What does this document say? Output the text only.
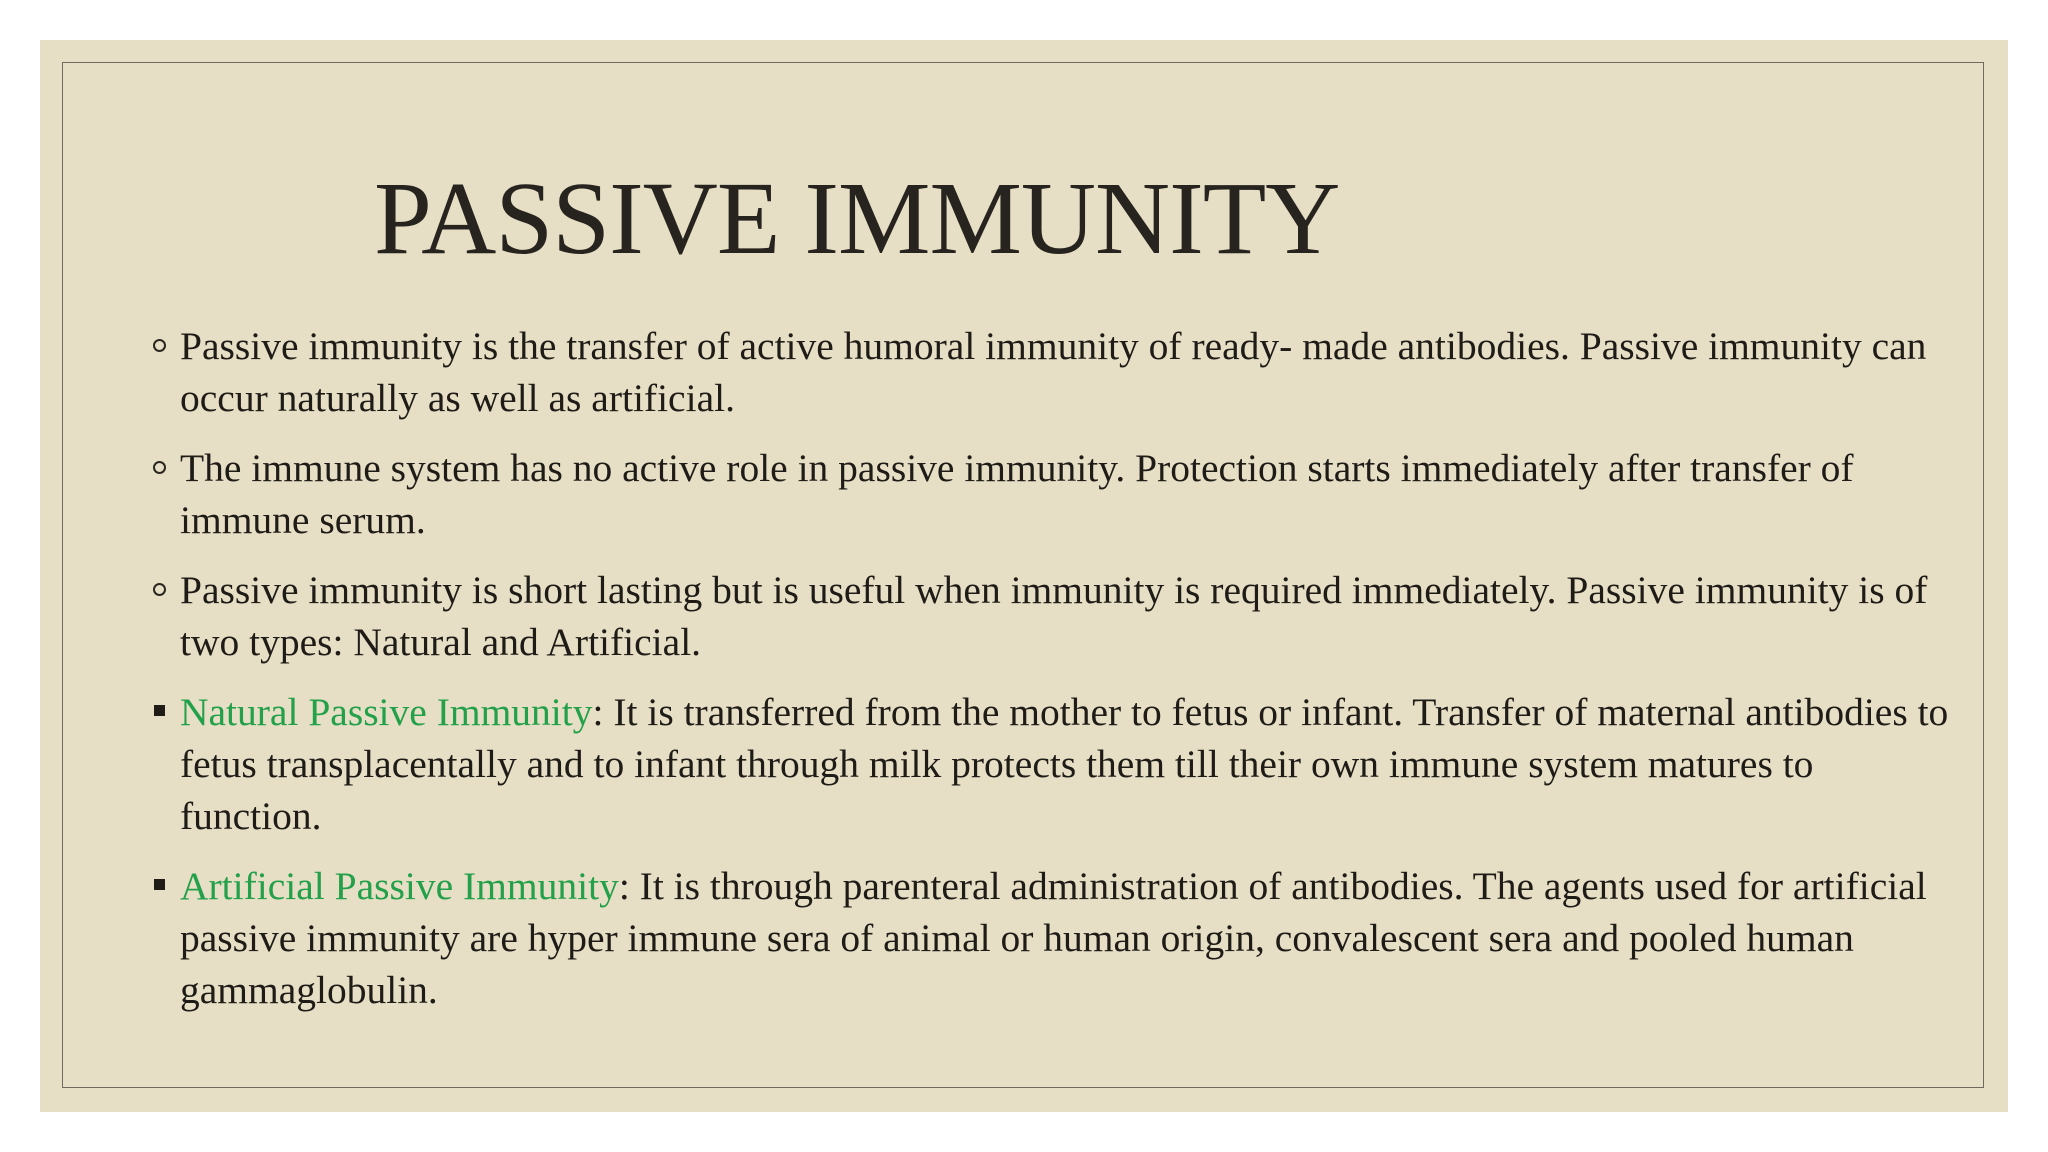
PASSIVE IMMUNITY
Passive immunity is the transfer of active humoral immunity of ready- made antibodies. Passive immunity can occur naturally as well as artificial.
The immune system has no active role in passive immunity. Protection starts immediately after transfer of immune serum.
Passive immunity is short lasting but is useful when immunity is required immediately. Passive immunity is of two types: Natural and Artificial.
Natural Passive Immunity: It is transferred from the mother to fetus or infant. Transfer of maternal antibodies to fetus transplacentally and to infant through milk protects them till their own immune system matures to function.
Artificial Passive Immunity: It is through parenteral administration of antibodies. The agents used for artificial passive immunity are hyper immune sera of animal or human origin, convalescent sera and pooled human gammaglobulin.
